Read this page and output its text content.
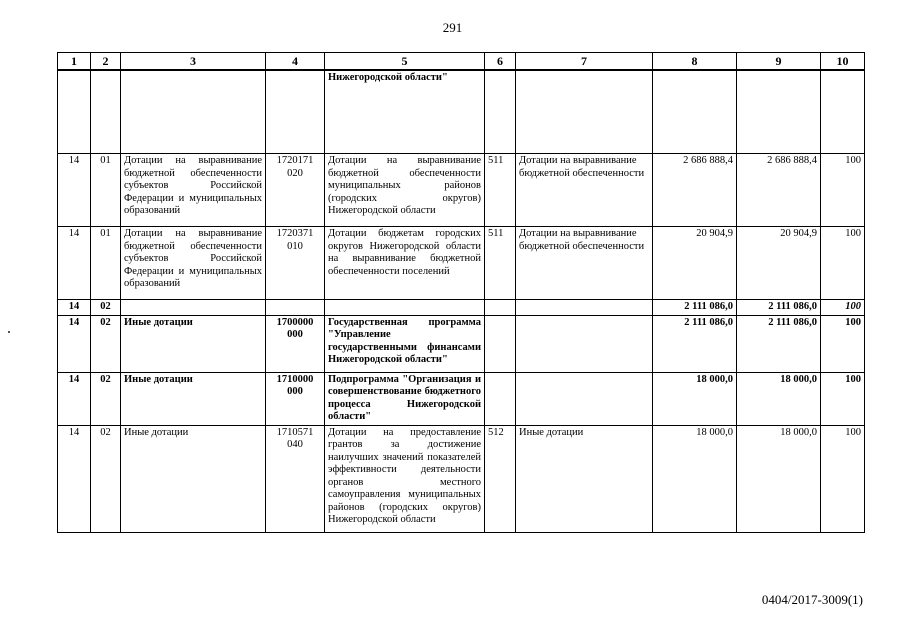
291
1	2	3	4	5	6	7	8	9	10
				Нижегородской области"					
14	01	Дотации на выравнивание бюджетной обеспеченности субъектов Российской Федерации и муниципальных образований	1720171 020	Дотации на выравнивание бюджетной обеспеченности муниципальных районов (городских округов) Нижегородской области	511	Дотации на выравнивание бюджетной обеспеченности	2 686 888,4	2 686 888,4	100
14	01	Дотации на выравнивание бюджетной обеспеченности субъектов Российской Федерации и муниципальных образований	1720371 010	Дотации бюджетам городских округов Нижегородской области на выравнивание бюджетной обеспеченности поселений	511	Дотации на выравнивание бюджетной обеспеченности	20 904,9	20 904,9	100
14	02						2 111 086,0	2 111 086,0	100
14	02	Иные дотации	1700000 000	Государственная программа "Управление государственными финансами Нижегородской области"			2 111 086,0	2 111 086,0	100
14	02	Иные дотации	1710000 000	Подпрограмма "Организация и совершенствование бюджетного процесса Нижегородской области"			18 000,0	18 000,0	100
14	02	Иные дотации	1710571 040	Дотации на предоставление грантов за достижение наилучших значений показателей эффективности деятельности органов местного самоуправления муниципальных районов (городских округов) Нижегородской области	512	Иные дотации	18 000,0	18 000,0	100
0404/2017-3009(1)
